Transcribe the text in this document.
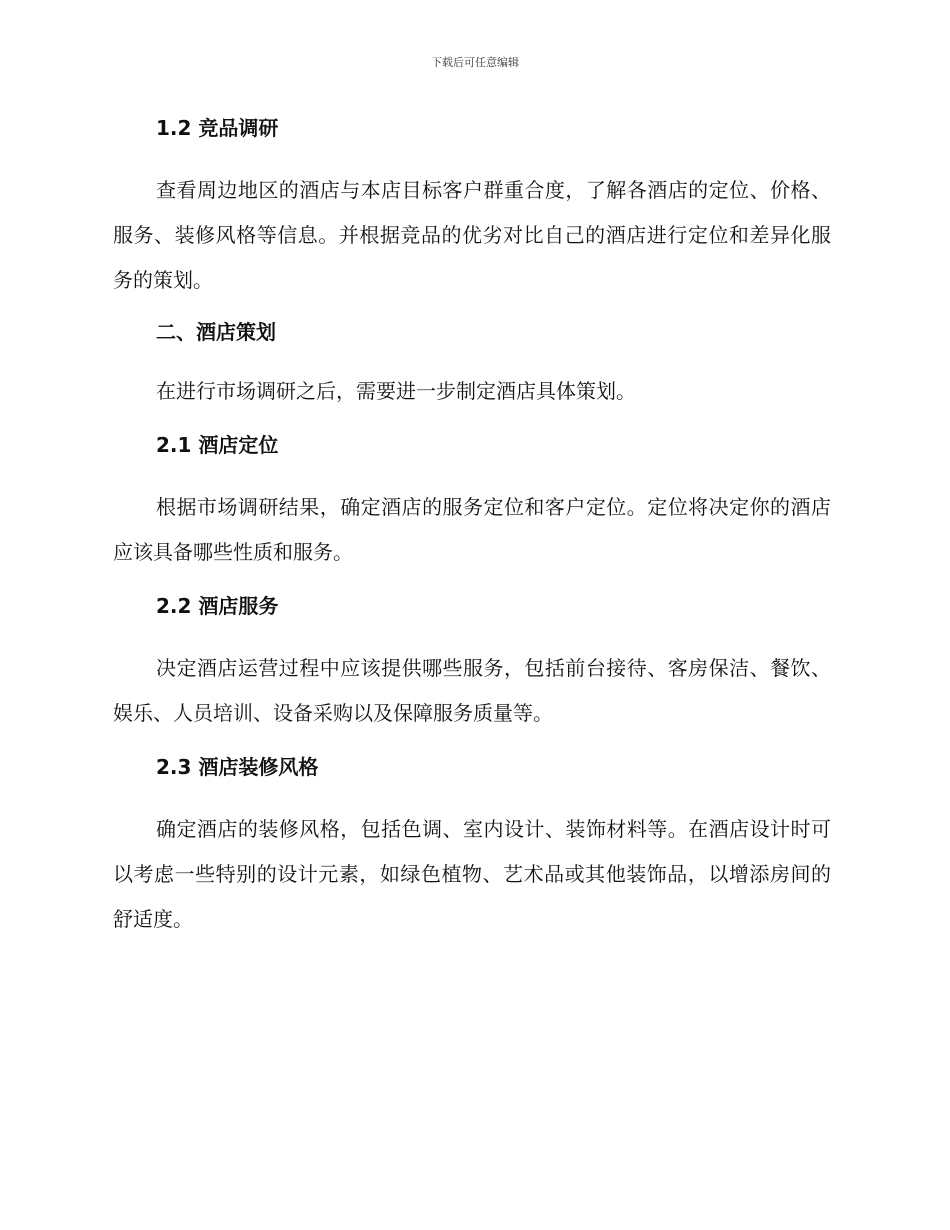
下载后可任意编辑
1.2 竞品调研
查看周边地区的酒店与本店目标客户群重合度，了解各酒店的定位、价格、服务、装修风格等信息。并根据竞品的优劣对比自己的酒店进行定位和差异化服务的策划。
二、酒店策划
在进行市场调研之后，需要进一步制定酒店具体策划。
2.1 酒店定位
根据市场调研结果，确定酒店的服务定位和客户定位。定位将决定你的酒店应该具备哪些性质和服务。
2.2 酒店服务
决定酒店运营过程中应该提供哪些服务，包括前台接待、客房保洁、餐饮、娱乐、人员培训、设备采购以及保障服务质量等。
2.3 酒店装修风格
确定酒店的装修风格，包括色调、室内设计、装饰材料等。在酒店设计时可以考虑一些特别的设计元素，如绿色植物、艺术品或其他装饰品，以增添房间的舒适度。
